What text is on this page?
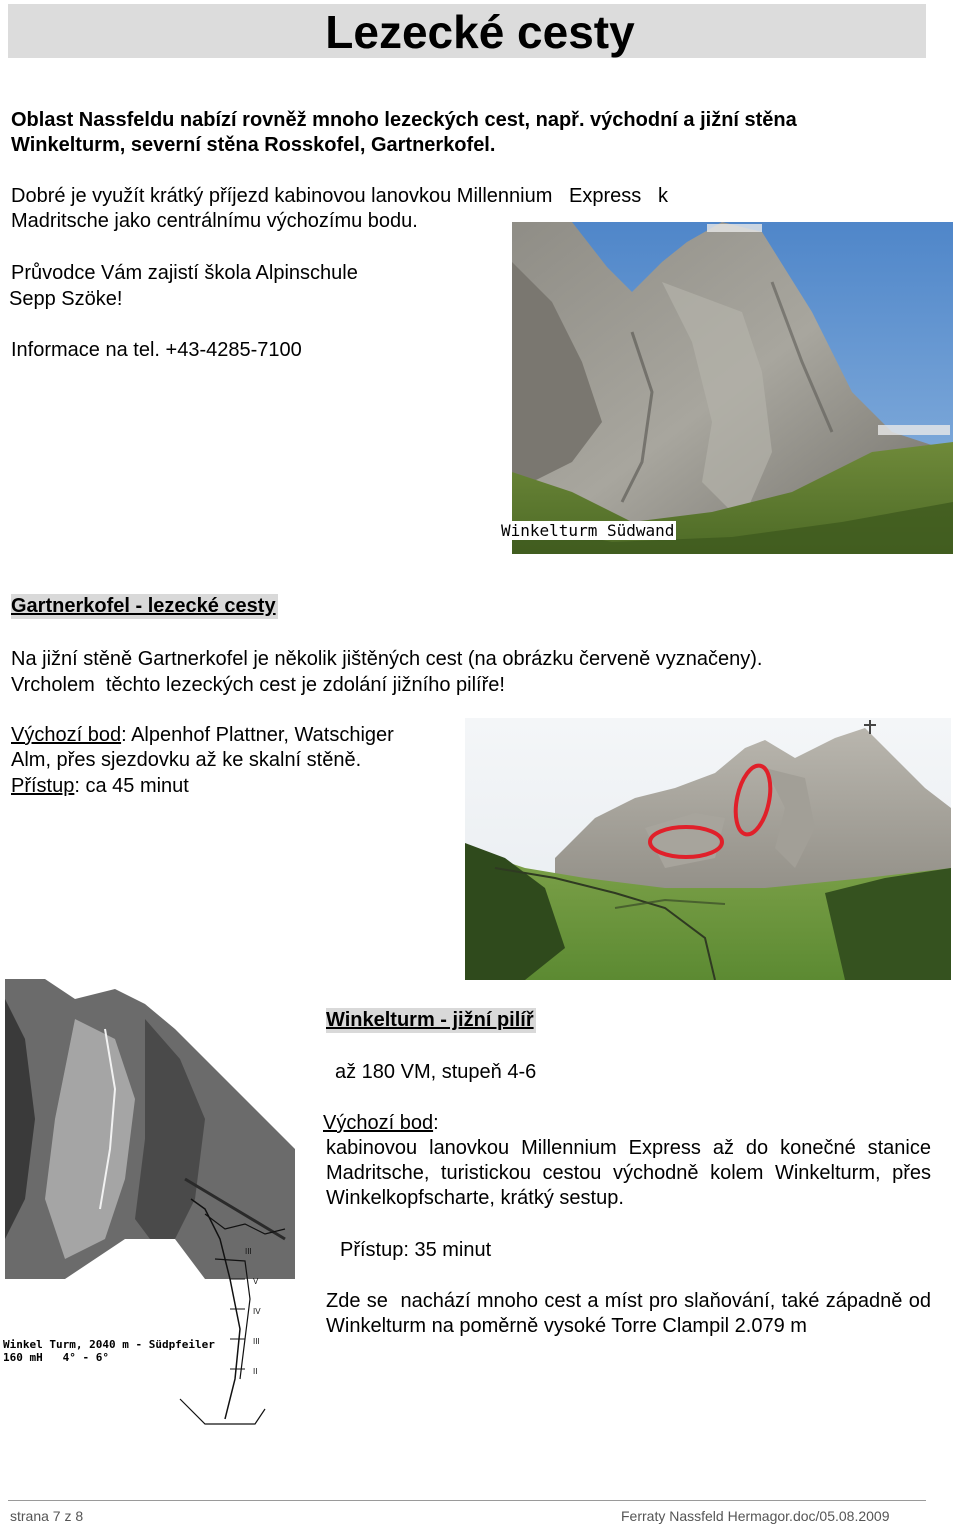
Lezecké cesty
Oblast Nassfeldu nabízí rovněž mnoho lezeckých cest, např. východní a jižní stěna
Winkelturm, severní stěna Rosskofel, Gartnerkofel.
Dobré je využít krátký příjezd kabinovou lanovkou Millennium   Express   k
Madritsche jako centrálnímu výchozímu bodu.
Průvodce Vám zajistí škola Alpinschule
Sepp Szöke!
Informace na tel. +43-4285-7100
Winkelturm Südwand
Gartnerkofel - lezecké cesty
Na jižní stěně Gartnerkofel je několik jištěných cest (na obrázku červeně vyznačeny).
Vrcholem  těchto lezeckých cest je zdolání jižního pilíře!
Výchozí bod: Alpenhof Plattner, Watschiger
Alm, přes sjezdovku až ke skalní stěně.
Přístup: ca 45 minut
III
V
IV
III
II
Winkel Turm, 2040 m - Südpfeiler
160 mH   4° - 6°
Winkelturm - jižní pilíř
až 180 VM, stupeň 4-6
Výchozí bod:
kabinovou lanovkou Millennium Express až do konečné stanice Madritsche, turistickou cestou východně kolem Winkelturm, přes Winkelkopfscharte, krátký sestup.
Přístup: 35 minut
Zde se  nachází mnoho cest a míst pro slaňování, také západně od Winkelturm na poměrně vysoké Torre Clampil 2.079 m
strana 7 z 8	Ferraty Nassfeld Hermagor.doc/05.08.2009
